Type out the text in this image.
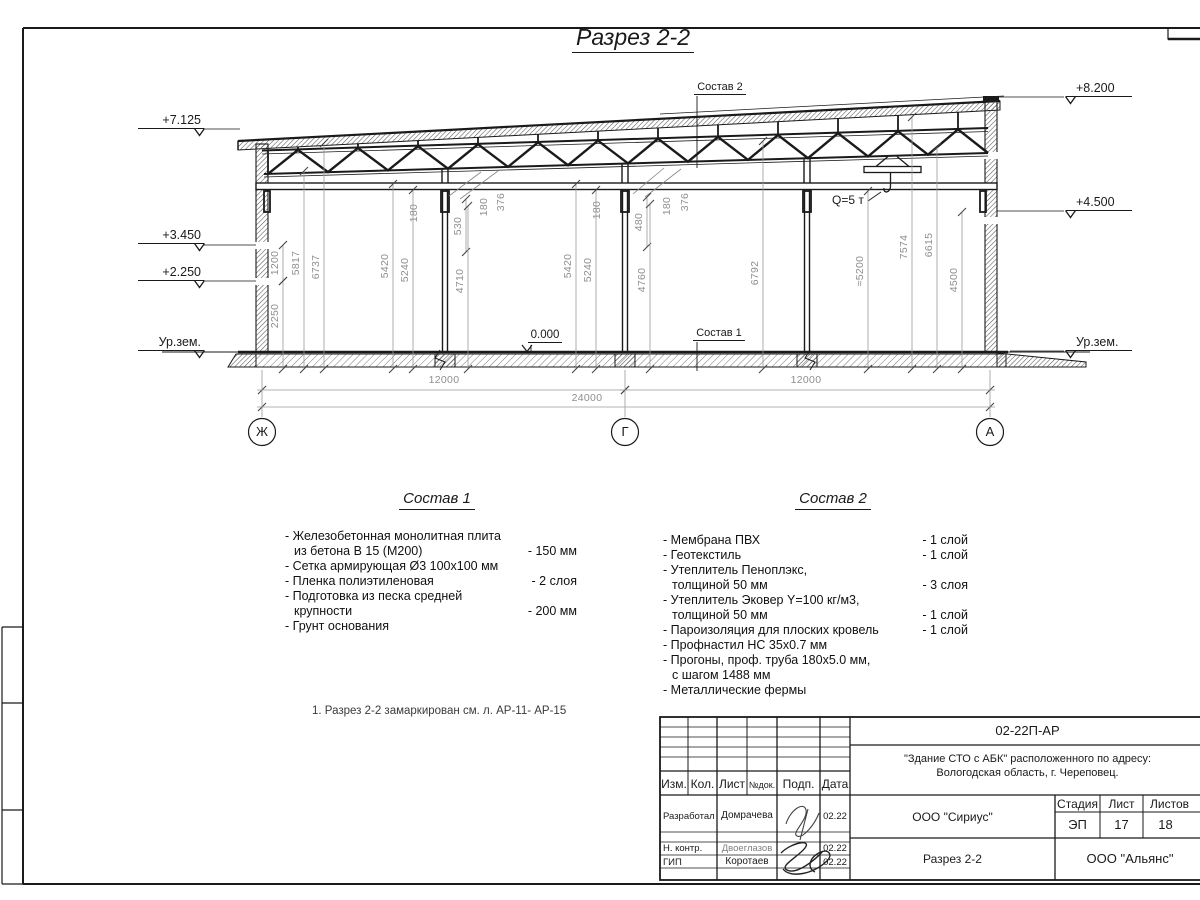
1200
2250
5817 6737	5420 5240
180
530
180 376
4710
5420 5240
180
480
180 376
4760	6792	≈5200
7574 6615
4500
12000	12000
24000
Ж	Г	А
+7.125
+3.450
+2.250
Ур.зем.
+8.200
+4.500
Ур.зем.
Разрез 2-2
Состав 2
Состав 1
0.000
Q=5 т
Состав 1	Состав 2
- Железобетонная монолитная плита
из бетона В 15 (М200)	- 150 мм
- Сетка армирующая Ø3 100х100 мм
- Пленка полиэтиленовая	- 2 слоя
- Подготовка из песка средней
крупности	- 200 мм
- Грунт основания
- Мембрана ПВХ	- 1 слой
- Геотекстиль	- 1 слой
- Утеплитель Пеноплэкс,
толщиной 50 мм	- 3 слоя
- Утеплитель Эковер Y=100 кг/м3,
толщиной 50 мм	- 1 слой
- Пароизоляция для плоских кровель	- 1 слой
- Профнастил НС 35х0.7 мм
- Прогоны, проф. труба 180х5.0 мм,
с шагом 1488 мм
- Металлические фермы
1. Разрез 2-2 замаркирован см. л. АР-11- АР-15
Изм. Кол. Лист №док. Подп. Дата
Разработал Домрачева	02.22
Н. контр.	Двоеглазов	02.22
ГИП	Коротаев	02.22
02-22П-АР
"Здание СТО с АБК" расположенного по адресу:
Вологодская область, г. Череповец.
ООО "Сириус"
Разрез 2-2
Стадия Лист	Листов
ЭП	17	18
ООО "Альянс"
